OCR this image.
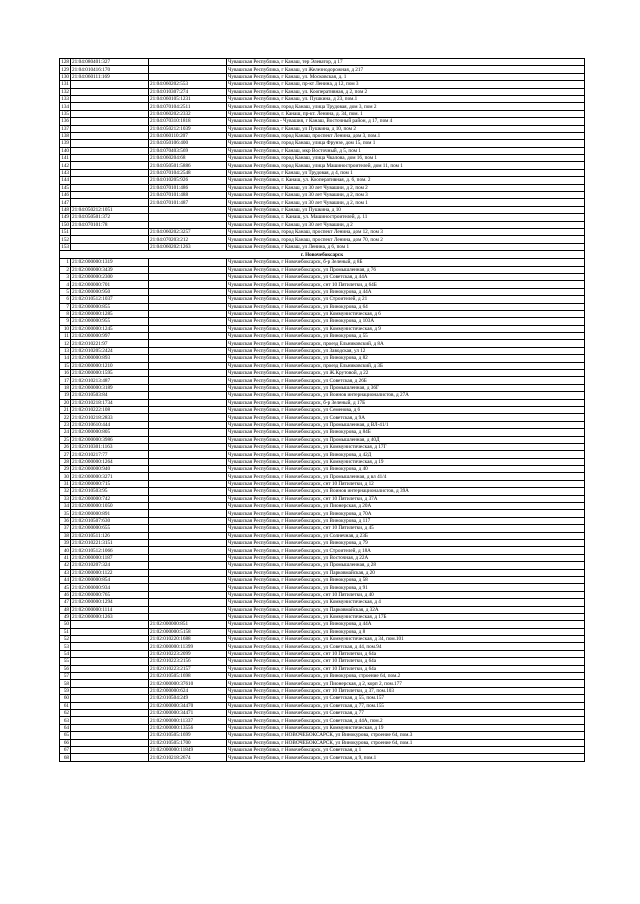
128	21:04:080401:327		Чувашская Республика, г Канаш, тер Элеватор, д 17
129	21:04:010416:170		Чувашская Республика, г Канаш, ул Железнодорожная, д 217
130	21:04:060111:169		Чувашская Республика, г Канаш, ул. Московская, д. 1
131		21:04:060202:553	Чувашская Республика, г Канаш, пр-кт Ленина, д 12, пом 3
132		21:04:010307:274	Чувашская Республика, г Канаш, ул. Кооперативная, д 2, пом 2
133		21:04:060105:1231	Чувашская Республика, г Канаш, ул. Пушкина, д 23, пом.1
134		21:04:070104:2511	Чувашская Республика, город Канаш, улица Трудовая, дом 3, пом 2
135		21:04:060202:2332	Чувашская Республика, г. Канаш, пр-кт. Ленина, д. 34, пом. 1
136		21:04:070310:1818	Чувашская Республика - Чувашия, г Канаш, Восточный район, д 17, пом 4
137		21:04:050212:1039	Чувашская Республика, г Канаш, ул Пушкина, д 10, пом 2
138		21:04:060110:207	Чувашская Республика, город Канаш, проспект Ленина, дом 3, пом.1
139		21:04:050106:400	Чувашская Республика, город Канаш, улица Фрунзе, дом 15, пом 1
140		21:04:070403:569	Чувашская Республика, г Канаш, мкр Восточный, д 5, пом 1
141		21:04:060204:68	Чувашская Республика, город Канаш, улица Чкалова, дом 16, пом 1
142		21:04:050501:5886	Чувашская Республика, город Канаш, улица Машиностроителей, дом 11, пом 1
143		21:04:070104:2548	Чувашская Республика, г Канаш, ул Трудовая, д 4, пом 1
144		21:04:010205:926	Чувашская Республика, г. Канаш, ул. Кооперативная, д. 6, пом. 2
145		21:04:070101:486	Чувашская Республика, г Канаш, ул 30 лет Чувашии, д 2, пом 2
146		21:04:070101:488	Чувашская Республика, г Канаш, ул 30 лет Чувашии, д 2, пом 3
147		21:04:070101:487	Чувашская Республика, г Канаш, ул 30 лет Чувашии, д 2, пом 1
148	21:04:050212:1051		Чувашская Республика, г Канаш, ул Пушкина, д 10
149	21:04:050501:372		Чувашская Республика, г. Канаш, ул. Машиностроителей, д. 11
150	21:04:070101:78		Чувашская Республика, г Канаш, ул 30 лет Чувашии, д 2
151		21:04:060202:3257	Чувашская Республика, город Канаш, проспект Ленина, дом 12, пом 3
152		21:04:070203:212	Чувашская Республика, город Канаш, проспект Ленина, дом 70, пом 2
153		21:04:060202:1263	Чувашская Республика, г Канаш, ул Ленина, д 6, пом 1
г. Новочебоксарск			
1	21:02:000000:1319		Чувашская Республика, г Новочебоксарск, б-р Зеленый, д 8Б
2	21:02:000000:3439		Чувашская Республика, г Новочебоксарск, ул Промышленная, д 76
3	21:02:000000:2300		Чувашская Республика, г Новочебоксарск, ул Советская, д 44А
4	21:02:000000:701		Чувашская Республика, г Новочебоксарск, снт 10 Пятилетки, д 64Б
5	21:02:000000:950		Чувашская Республика, г Новочебоксарск, ул Винокурова, д 44А
6	21:02:010512:1037		Чувашская Республика, г Новочебоксарск, ул Строителей, д 21
7	21:02:000000:855		Чувашская Республика, г Новочебоксарск, ул Винокурова, д 64
8	21:02:000000:1285		Чувашская Республика, г Новочебоксарск, ул Коммунистическая, д 6
9	21:02:000000:955		Чувашская Республика, г Новочебоксарск, ул Винокурова, д 103А
10	21:02:000000:1245		Чувашская Республика, г Новочебоксарск, ул Коммунистическая, д 9
11	21:02:000000:997		Чувашская Республика, г Новочебоксарск, ул Винокурова, д 55
12	21:02:010221:97		Чувашская Республика, г Новочебоксарск, проезд Ельниковский, д 8А
13	21:02:010205:2424		Чувашская Республика, г Новочебоксарск, ул Заводская, ул 12
14	21:02:000000:893		Чувашская Республика, г Новочебоксарск, ул Винокурова, д 82
15	21:02:000000:1210		Чувашская Республика, г Новочебоксарск, проезд Ельниковский, д 3Б
16	21:02:000000:1595		Чувашская Республика, г Новочебоксарск, ул Ж.Крутовой, д 22
17	21:02:010213:487		Чувашская Республика, г Новочебоксарск, ул Советская, д 26Б
18	21:02:000000:3189		Чувашская Республика, г Новочебоксарск, ул Промышленная, д 36Г
19	21:02:010503:84		Чувашская Республика, г Новочебоксарск, ул Воинов интернационалистов, д 27А
20	21:02:010218:1734		Чувашская Республика, г Новочебоксарск, б-р Зеленый, д 17Б
21	21:02:010222:108		Чувашская Республика, г Новочебоксарск, ул Семенова, д 6
22	21:02:010218:2833		Чувашская Республика, г Новочебоксарск, ул Советская, д 9А
23	21:02:010610:444		Чувашская Республика, г Новочебоксарск, ул Промышленная, д ВЛ-41/1
24	21:02:000000:805		Чувашская Республика, г Новочебоксарск, ул Винокурова, д 84Б
25	21:02:000000:3986		Чувашская Республика, г Новочебоксарск, ул Промышленная, д 40Д
26	21:02:010301:1163		Чувашская Республика, г Новочебоксарск, ул Коммунистическая, д 17Г
27	21:02:010217:77		Чувашская Республика, г Новочебоксарск, ул Винокурова, д 42Д
28	21:02:000000:1264		Чувашская Республика, г Новочебоксарск, ул Коммунистическая, д 19
29	21:02:000000:940		Чувашская Республика, г Новочебоксарск, ул Винокурова, д 40
30	21:02:000000:3271		Чувашская Республика, г Новочебоксарск, ул Промышленная, д вл 41/4
31	21:02:000000:715		Чувашская Республика, г Новочебоксарск, снт 10 Пятилетки, д 12
32	21:02:010503:95		Чувашская Республика, г Новочебоксарск, ул Воинов интернационалистов, д 39А
33	21:02:000000:742		Чувашская Республика, г Новочебоксарск, снт 10 Пятилетки, д 37А
34	21:02:000000:1050		Чувашская Республика, г Новочебоксарск, ул Пионерская, д 20А
35	21:02:000000:891		Чувашская Республика, г Новочебоксарск, ул Винокурова, д 70А
36	21:02:010507:630		Чувашская Республика, г Новочебоксарск, ул Винокурова, д 117
37	21:02:000000:655		Чувашская Республика, г Новочебоксарск, снт 10 Пятилетки, д 45
38	21:02:010511:126		Чувашская Республика, г Новочебоксарск, ул Солнечная, д 23Б
39	21:02:010221:3151		Чувашская Республика, г Новочебоксарск, ул Винокурова, д 79
40	21:02:010512:1066		Чувашская Республика, г Новочебоксарск, ул Строителей, д 18А
41	21:02:000000:1187		Чувашская Республика, г Новочебоксарск, ул Восточная, д 22А
42	21:02:010207:324		Чувашская Республика, г Новочебоксарск, ул Промышленная, д 28
43	21:02:000000:1122		Чувашская Республика, г Новочебоксарск, ул Парковмайская, д 20
44	21:02:000000:854		Чувашская Республика, г Новочебоксарск, ул Винокурова, д 58
45	21:02:000000:934		Чувашская Республика, г Новочебоксарск, ул Винокурова, д 91
46	21:02:000000:765		Чувашская Республика, г Новочебоксарск, снт 10 Пятилетки, д 40
47	21:02:000000:1294		Чувашская Республика, г Новочебоксарск, ул Коммунистическая, д 4
48	21:02:000000:1114		Чувашская Республика, г Новочебоксарск, ул Парковмайская, д 32А
49	21:02:000000:1263		Чувашская Республика, г Новочебоксарск, ул Коммунистическая, д 17Б
50		21:02:000000:851	Чувашская Республика, г Новочебоксарск, ул Винокурова, д 44А
51		21:02:000000:5158	Чувашская Республика, г Новочебоксарск, ул Винокурова, д 8
52		21:02:010220:1688	Чувашская Республика, г Новочебоксарск, ул Коммунистическая, д 34, пом.101
53		21:02:000000:11399	Чувашская Республика, г Новочебоксарск, ул Советская, д 44, пом.94
54		21:02:010223:2099	Чувашская Республика, г Новочебоксарск, снт 10 Пятилетки, д 64а
55		21:02:010223:2156	Чувашская Республика, г Новочебоксарск, снт 10 Пятилетки, д 64а
56		21:02:010223:2157	Чувашская Республика, г Новочебоксарск, снт 10 Пятилетки, д 64а
57		21:02:010505:1698	Чувашская Республика, г Новочебоксарск, ул Винокурова, строение 64, пом.2
58		21:02:000000:37610	Чувашская Республика, г Новочебоксарск, ул Пионерская, д 2, корп 2, пом.177
59		21:02:000000:624	Чувашская Республика, г Новочебоксарск, снт 10 Пятилетки, д 37, пом.103
60		21:02:010504:249	Чувашская Республика, г Новочебоксарск, ул Советская, д 55, пом.157
61		21:02:000000:34470	Чувашская Республика, г Новочебоксарск, ул Советская, д 77, пом.155
62		21:02:000000:34471	Чувашская Республика, г Новочебоксарск, ул Советская, д 77
63		21:02:000000:11337	Чувашская Республика, г Новочебоксарск, ул Советская, д 44А, пом.2
64		21:02:000000:13556	Чувашская Республика, г Новочебоксарск, ул Коммунистическая, д 19
65		21:02:010505:1699	Чувашская Республика, г НОВОЧЕБОКСАРСК, ул Винокурова, строение 64, пом.3
66		21:02:010505:1700	Чувашская Республика, г НОВОЧЕБОКСАРСК, ул Винокурова, строение 64, пом.1
67		21:02:000000:11849	Чувашская Республика, г Новочебоксарск, ул Советская, д 1
68		21:02:010218:2674	Чувашская Республика, г Новочебоксарск, ул Советская, д 9, пом.1
